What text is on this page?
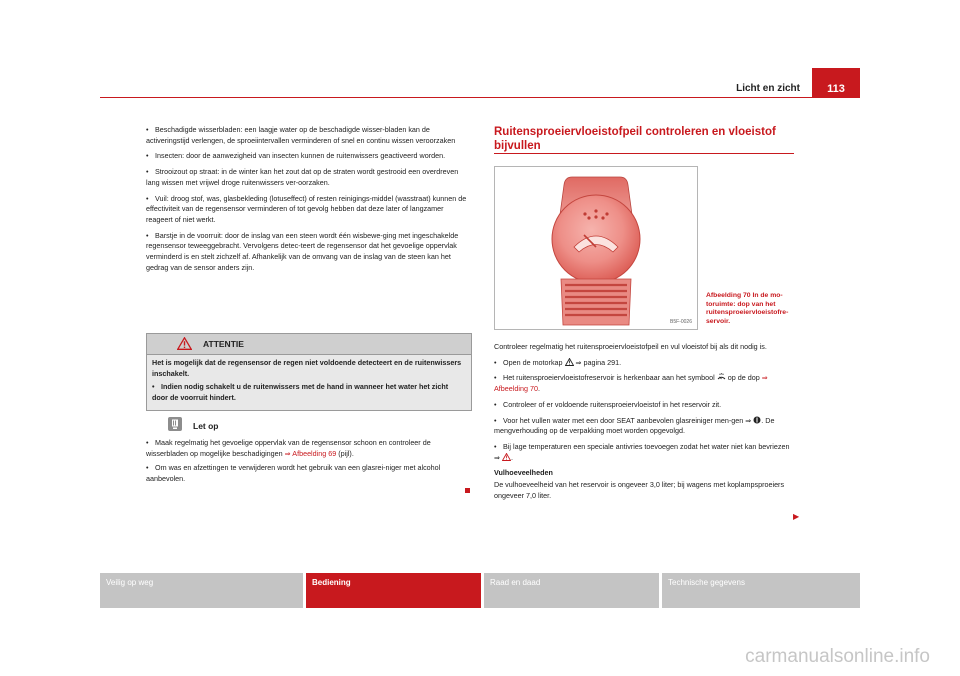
Licht en zicht	113

• Beschadigde wisserbladen: een laagje water op de beschadigde wisser-bladen kan de activeringstijd verlengen, de sproeiintervallen verminderen of snel en continu wissen veroorzaken

• Insecten: door de aanwezigheid van insecten kunnen de ruitenwissers geactiveerd worden.

• Strooizout op straat: in de winter kan het zout dat op de straten wordt gestrooid een overdreven lang wissen met vrijwel droge ruitenwissers ver-oorzaken.

• Vuil: droog stof, was, glasbekleding (lotuseffect) of resten reinigings-middel (wasstraat) kunnen de effectiviteit van de regensensor verminderen of tot gevolg hebben dat deze later of langzamer reageert of niet werkt.

• Barstje in de voorruit: door de inslag van een steen wordt één wisbewe-ging met ingeschakelde regensensor teweeggebracht. Vervolgens detec-teert de regensensor dat het gevoelige oppervlak verminderd is en stelt zichzelf af. Afhankelijk van de omvang van de inslag van de steen kan het gedrag van de sensor anders zijn.

ATTENTIE

Het is mogelijk dat de regensensor de regen niet voldoende detecteert en de ruitenwissers inschakelt.

• Indien nodig schakelt u de ruitenwissers met de hand in wanneer het water het zicht door de voorruit hindert.

Let op

• Maak regelmatig het gevoelige oppervlak van de regensensor schoon en controleer de wisserbladen op mogelijke beschadigingen ⇒ Afbeelding 69 (pijl).

• Om was en afzettingen te verwijderen wordt het gebruik van een glasrei-niger met alcohol aanbevolen.

Ruitensproeiervloeistofpeil controleren en vloeistof bijvullen
B5F-0026
Afbeelding 70 In de mo-toruimte: dop van het ruitensproeiervloeistofre-servoir.

Controleer regelmatig het ruitensproeiervloeistofpeil en vul vloeistof bij als dit nodig is.

• Open de motorkap  ⇒ pagina 291.

• Het ruitensproeiervloeistofreservoir is herkenbaar aan het symbool  op de dop ⇒ Afbeelding 70.

• Controleer of er voldoende ruitensproeiervloeistof in het reservoir zit.

• Voor het vullen water met een door SEAT aanbevolen glasreiniger men-gen ⇒ . De mengverhouding op de verpakking moet worden opgevolgd.

• Bij lage temperaturen een speciale antivries toevoegen zodat het water niet kan bevriezen ⇒ .

Vulhoeveelheden

De vulhoeveelheid van het reservoir is ongeveer 3,0 liter; bij wagens met koplampsproeiers ongeveer 7,0 liter.

▶
Veilig op weg	Bediening	Raad en daad	Technische gegevens
carmanualsonline.info
